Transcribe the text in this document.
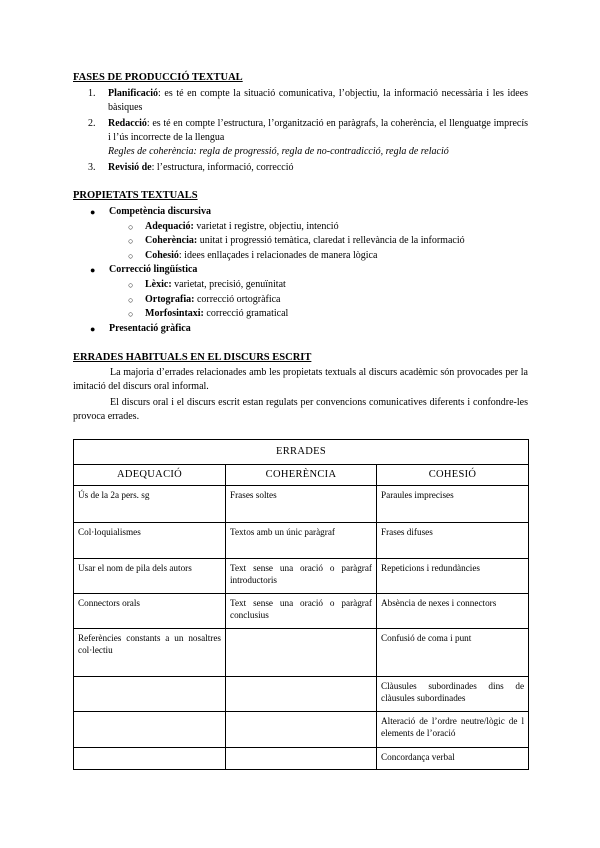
FASES DE PRODUCCIÓ TEXTUAL
1. Planificació: es té en compte la situació comunicativa, l’objectiu, la informació necessària i les idees bàsiques
2. Redacció: es té en compte l’estructura, l’organització en paràgrafs, la coherència, el llenguatge imprecís i l’ús incorrecte de la llengua
Regles de coherència: regla de progressió, regla de no-contradicció, regla de relació
3. Revisió de: l’estructura, informació, correcció
PROPIETATS TEXTUALS
● Competència discursiva
○ Adequació: varietat i registre, objectiu, intenció
○ Coherència: unitat i progressió temàtica, claredat i rellevància de la informació
○ Cohesió: idees enllaçades i relacionades de manera lògica
● Correcció lingüística
○ Lèxic: varietat, precisió, genuïnitat
○ Ortografia: correcció ortogràfica
○ Morfosintaxi: correcció gramatical
● Presentació gràfica
ERRADES HABITUALS EN EL DISCURS ESCRIT

La majoria d’errades relacionades amb les propietats textuals al discurs acadèmic són provocades per la imitació del discurs oral informal.

El discurs oral i el discurs escrit estan regulats per convencions comunicatives diferents i confondre-les provoca errades.

ERRADES		
ADEQUACIÓ	COHERÈNCIA	COHESIÓ
Ús de la 2a pers. sg	Frases soltes	Paraules imprecises
Col·loquialismes	Textos amb un únic paràgraf	Frases difuses
Usar el nom de pila dels autors	Text sense una oració o paràgraf introductoris	Repeticions i redundàncies
Connectors orals	Text sense una oració o paràgraf conclusius	Absència de nexes i connectors
Referències constants a un nosaltres col·lectiu		Confusió de coma i punt
		Clàusules subordinades dins de clàusules subordinades
		Alteració de l’ordre neutre/lògic de l elements de l’oració
		Concordança verbal
